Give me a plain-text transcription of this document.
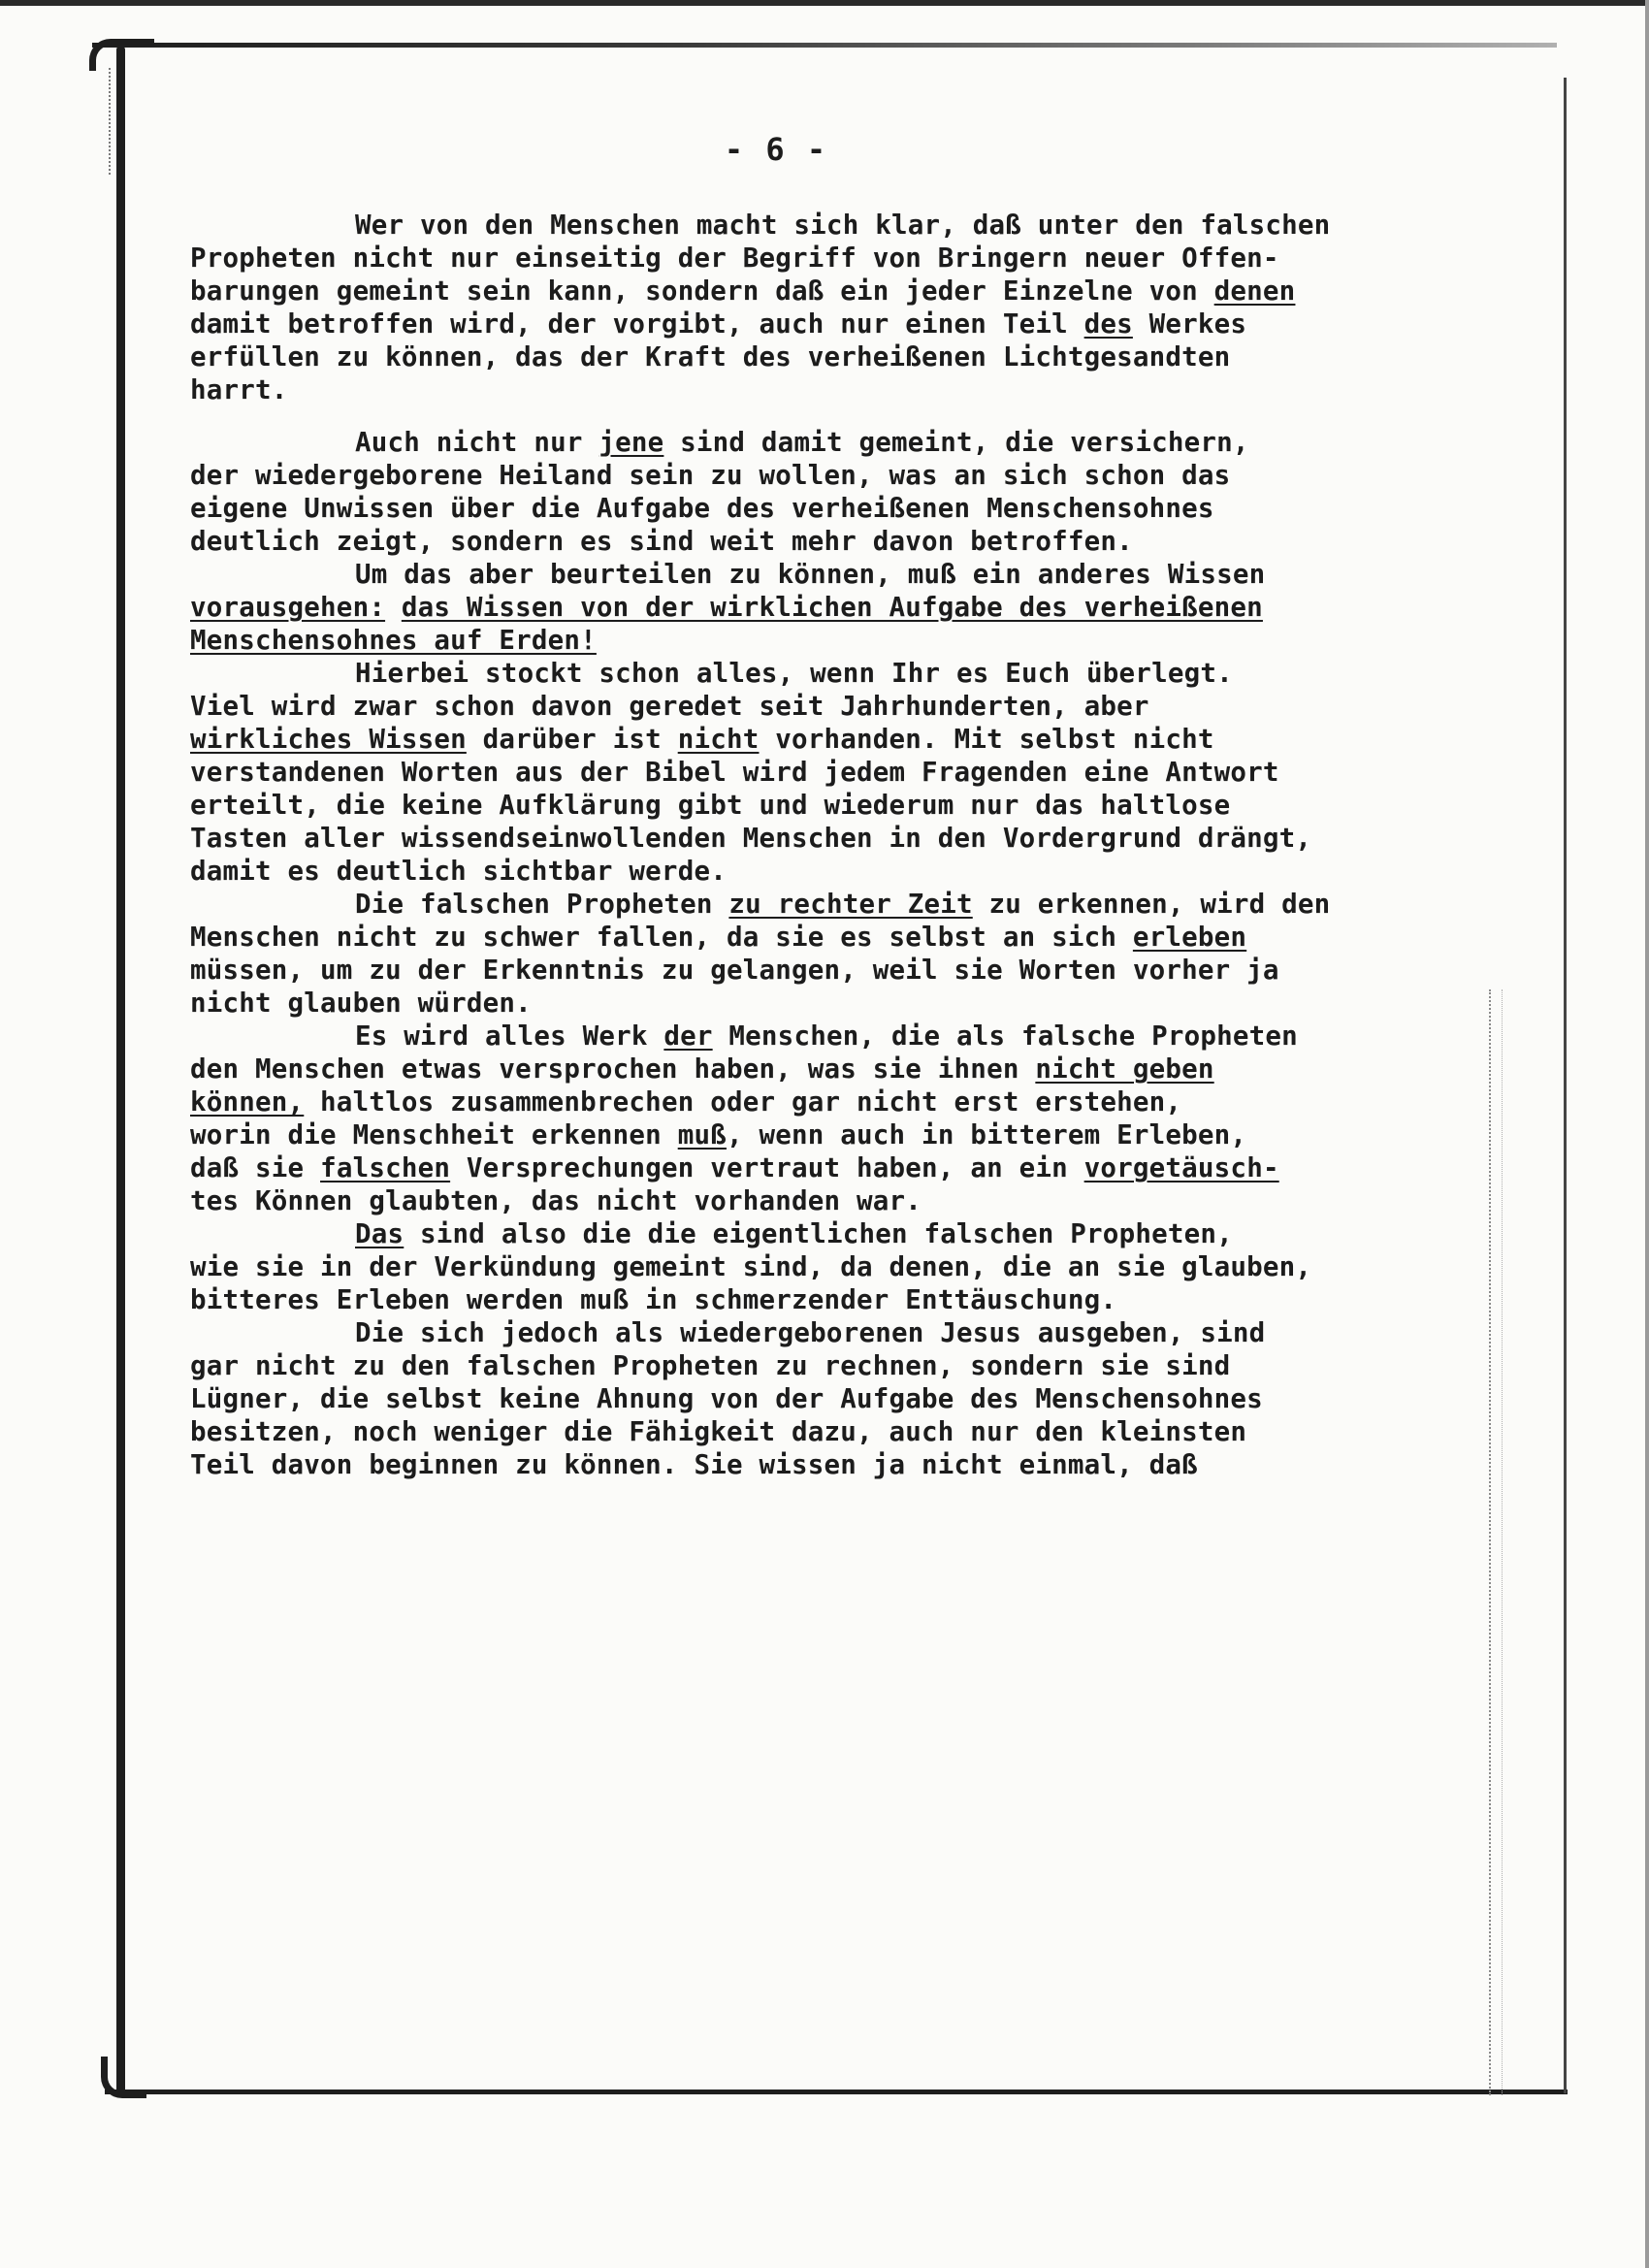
- 6 -
Wer von den Menschen macht sich klar, daß unter den falschen
Propheten nicht nur einseitig der Begriff von Bringern neuer Offen-
barungen gemeint sein kann, sondern daß ein jeder Einzelne von denen
damit betroffen wird, der vorgibt, auch nur einen Teil des Werkes
erfüllen zu können, das der Kraft des verheißenen Lichtgesandten
harrt.
Auch nicht nur jene sind damit gemeint, die versichern,
der wiedergeborene Heiland sein zu wollen, was an sich schon das
eigene Unwissen über die Aufgabe des verheißenen Menschensohnes
deutlich zeigt, sondern es sind weit mehr davon betroffen.
Um das aber beurteilen zu können, muß ein anderes Wissen
vorausgehen: das Wissen von der wirklichen Aufgabe des verheißenen
Menschensohnes auf Erden!
Hierbei stockt schon alles, wenn Ihr es Euch überlegt.
Viel wird zwar schon davon geredet seit Jahrhunderten, aber
wirkliches Wissen darüber ist nicht vorhanden. Mit selbst nicht
verstandenen Worten aus der Bibel wird jedem Fragenden eine Antwort
erteilt, die keine Aufklärung gibt und wiederum nur das haltlose
Tasten aller wissendseinwollenden Menschen in den Vordergrund drängt,
damit es deutlich sichtbar werde.
Die falschen Propheten zu rechter Zeit zu erkennen, wird den
Menschen nicht zu schwer fallen, da sie es selbst an sich erleben
müssen, um zu der Erkenntnis zu gelangen, weil sie Worten vorher ja
nicht glauben würden.
Es wird alles Werk der Menschen, die als falsche Propheten
den Menschen etwas versprochen haben, was sie ihnen nicht geben
können, haltlos zusammenbrechen oder gar nicht erst erstehen,
worin die Menschheit erkennen muß, wenn auch in bitterem Erleben,
daß sie falschen Versprechungen vertraut haben, an ein vorgetäusch-
tes Können glaubten, das nicht vorhanden war.
Das sind also die die eigentlichen falschen Propheten,
wie sie in der Verkündung gemeint sind, da denen, die an sie glauben,
bitteres Erleben werden muß in schmerzender Enttäuschung.
Die sich jedoch als wiedergeborenen Jesus ausgeben, sind
gar nicht zu den falschen Propheten zu rechnen, sondern sie sind
Lügner, die selbst keine Ahnung von der Aufgabe des Menschensohnes
besitzen, noch weniger die Fähigkeit dazu, auch nur den kleinsten
Teil davon beginnen zu können. Sie wissen ja nicht einmal, daß
